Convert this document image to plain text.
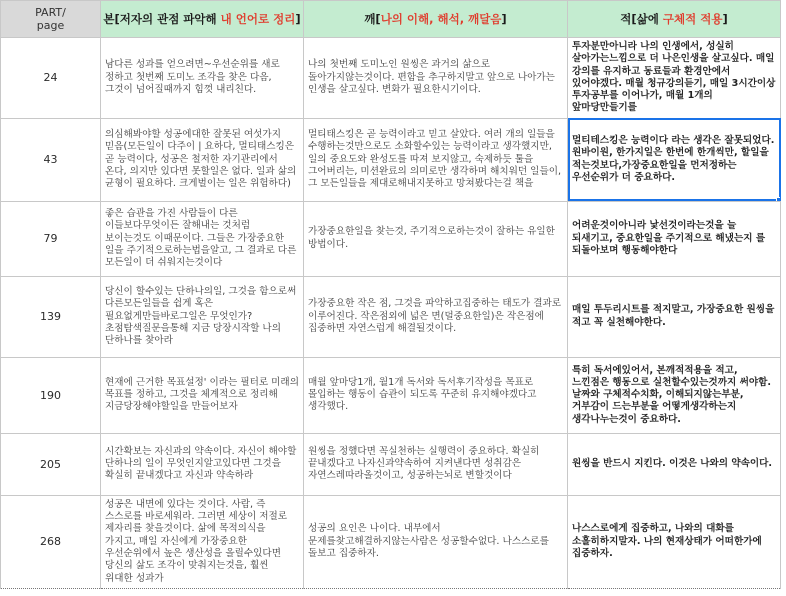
PART/
page	본[저자의 관점 파악해 내 언어로 정리]	깨[나의 이해, 해석, 깨달음]	적[삶에 구체적 적용]
24	남다른 성과를 얻으려면~우선순위를 새로 정하고 첫번째 도미노 조각을 찾은 다음, 그것이 넘어질때까지 힘껏 내리친다.	나의 첫번째 도미노인 원씽은 과거의 삶으로 돌아가지않는것이다. 편함을 추구하지말고 앞으로 나아가는 인생을 살고싶다. 변화가 필요한시기이다.	투자분만아니라 나의 인생에서, 성실히 살아가는느낌으로 더 나은인생을 살고싶다. 매일 강의를 유지하고 동료들과 환경안에서 있어야겠다. 매월 청규강의듣기, 매일 3시간이상 투자공부를 이어나가, 매월 1개의 앞마당만들기를

43	의심해봐야할 성공에대한 잘못된 여섯가지 믿음(모든일이 다주이 | 요하다, 멀티태스킹은 곧 능력이다, 성공은 철저한 자기관리에서 온다, 의지만 있다면 못할일은 없다. 일과 삶의 균형이 필요하다. 크게벌이는 일은 위험하다)	멀티태스킹은 곧 능력이라고 믿고 살았다. 여러 개의 일들을 수행하는것만으로도 소화할수있는 능력이라고 생각했지만, 일의 중요도와 완성도를 따져 보지않고, 숙제하듯 툴을 그어버리는, 미션완료의 의미로만 생각하며 해치워던 일들이, 그 모든일들을 제대로해내지못하고 망쳐봤다는걸 책을	멀티테스킹은 능력이다 라는 생각은 잘못되었다. 원바이원, 한가지일은 한번에 한개씩만, 할일을 적는것보다,가장중요한일을 먼저정하는 우선순위가 더 중요하다.

79	좋은 습관을 가진 사람들이 다른 이들보다무엇이든 잘해내는 것처럼 보이는것도 이때문이다. 그들은 가장중요한 일을 주기적으로하는법을알고, 그 결과로 다른 모든일이 더 쉬워지는것이다	가장중요한일을 찾는것, 주기적으로하는것이 잘하는 유일한 방법이다.	어려운것이아니라 낯선것이라는것을 늘 되새기고, 중요한일을 주기적으로 해냈는지 를 되돌아보며 행동해야한다

139	당신이 할수있는 단하나의일, 그것을 함으로써 다른모든일들을 쉽게 혹은 필요없게만들바로그일은 무엇인가? 초점탐색질문을통해 지금 당장시작할 나의 단하나를 찾아라	가장중요한 작은 점, 그것을 파악하고집중하는 태도가 결과로 이루어진다. 작은점외에 넓은 면(덜중요한일)은 작은점에 집중하면 자연스럽게 해결될것이다.	매일 투두리시트를 적지말고, 가장중요한 원씽을 적고 꼭 실천해야한다.

190	현재에 근거한 목표설정' 이라는 필터로 미래의 목표를 정하고, 그것을 체계적으로 정리해 지금당장해야할일을 만들어보자	매월 앞마당1개, 월1개 독서와 독서후기작성을 목표로 몰입하는 행동이 습관이 되도록 꾸준히 유지해야겠다고 생각했다.	특히 독서에있어서, 본깨적적용을 적고, 느낀점은 행동으로 실천할수있는것까지 써야함. 날짜와 구체적수치화, 이해되지않는부분, 거부감이 드는부분을 어떻게생각하는지 생각나누는것이 중요하다.

205	시간확보는 자신과의 약속이다. 자신이 해야할 단하나의 일이 무엇인지알고있다면 그것을 확실히 끝내겠다고 자신과 약속하라	원씽을 정했다면 꼭실천하는 실행력이 중요하다. 확실히 끝내겠다고 나자신과약속하여 지켜낸다면 성취감은 자연스레따라올것이고, 성공하는뇌로 변할것이다	원씽을 반드시 지킨다. 이것은 나와의 약속이다.

268	성공은 내면에 있다는 것이다. 사람, 즉 스스로를 바로세워라. 그러면 세상이 저절로 제자리를 찾을것이다. 삶에 목적의식을 가지고, 매일 자신에게 가장중요한 우선순위에서 높은 생산성을 올릴수있다면 당신의 삶도 조각이 맞춰지는것을, 훨씬 위대한 성과가	성공의 요인은 나이다. 내부에서 문제를찾고해결하지않는사람은 성공할수없다. 나스스로를 돌보고 집중하자.	나스스로에게 집중하고, 나와의 대화를 소홀히하지말자. 나의 현재상태가 어떠한가에 집중하자.
